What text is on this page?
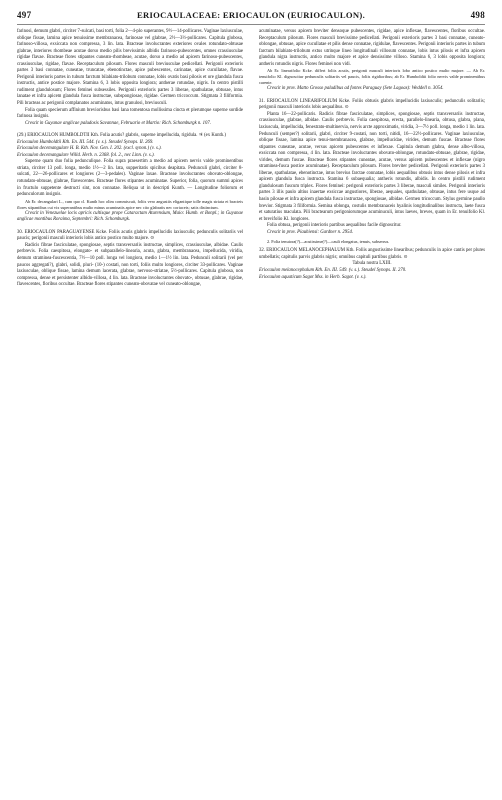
497	ERIOCAULACEAE: ERIOCAULON (EURIOCAULON).	498

farinosi, demum glabri, circiter 7-sulcati, basi torti, folia 2—4-plo superantes, 9½—14-pollicares. Vaginae laxiusculae, oblique fissae, lamina apice tenuissime membranacea, farinosae vel glabrae, 2½—3½-pollicares. Capitula globosa, farinoso-villosa, exsiccata non compressa, 3 lin. lata. Bracteae involucrantes exteriores ovales rotundato-obtusae glabrae, interiores rhombeae acutae dorso medio pilis brevissimis albidis farinoso-pubescentes, omnes crassiusculae rigidae flavae. Bracteae flores stipantes cuneato-rhombeae, acutae, dorso a medio ad apicem farinoso-pubescentes, crassiusculae, rigidae, flavae. Receptaculum pilosum. Flores masculi breviusculae pedicellati. Perigonii exterioris partes 3 basi connatae, cuneatae, truncatae, ebenotinctae, apice pubescentes, carinatae, apice cucullatae, flavae. Perigonii interioris partes in tubum farctum bilabiato-trilobum connatae, lobis ovatis basi pilosis et ore glandula fusca instructis, antice postice majore. Stamina 6, 3 lobis opposita longiora; antherae rotundae, nigris. In centro pistilli rudiment glandulosum; Flores feminei subsessiles. Perigonii exterioris partes 3 liberae, spathulatae, obtusae, intus lanatae et infra apicem glandula fusca instructae, subspongiosae, rigidae. Germen triccoccum. Stigmata 3 filiformia. Pili bracteas ac perigonii complanatos acuminatos, intus granulosi, breviusculi.

Folia quam specierum affinium breviorisbus basi lana tomentosa mollissima cincta et plerumque superne sordide farinosa insignis.

Crescit in Guyanae anglicae paludosis Savannae, Februario et Martio: Rich. Schomburgk n. 107.

(29.) ERIOCAULON HUMBOLDTII Kth. Folia acutis? glabris, superne impellucida, rigidula. ♃ (ex Kunth.)

Eriocaulon Humboldtii Kth. En. III. 544. (v. s.). Steudel Synops. II. 269.

Eriocaulon decemangulare H. B. Kth. Nov. Gen. I. 202. (excl. synon.) (v. s.).

Eriocaulon decemangulare Willd. Herb. n. 2368. fol. 2., nec Linn. (v. s.).

Superne quam duo folia pedunculique. Folia supra praesertim a medio ad apicem nervis valde prominentibus striata, circiter 13 poll. longa, medio 1½—2 lin. lata, supperitatis spicibus deapitata. Pedunculi glabri, circiter 8-sulcati, 22—26-pollicares et longiores (2—3-pedales). Vaginae laxae. Bracteae involucrantes obovato-oblongae, rotundato-obtusae, glabrae, flavescentes. Bracteae flores stipantes acuminatae. Superior, folia, quorum summi apices in fructulo suppetente destructi sint, non connatae. Reliqua ut in descripti Kunth. — Longitudine foliorum et pedunculorum insignis.

Ab Er. decangulari L., cum quo cl. Kunth hoc olim commiscuit, foliis vero angustiis eligantique tolle magis striata et bracteis flores stipantibus cui vix superantibus multo minus acuminatis apice nec cito glabratis nec coriaceis; satis distinctum.

Crescit in Venezuelae locis apricis cultisque prope Cataractam Aturensium, Maio: Humb. et Bonpl.; in Guyanae anglicae montibus Roraima, Septembri: Rich. Schomburgk.

30. ERIOCAULON PARAGUAYENSE Kcke. Foliis acutis glabris impellucidis laxiusculis; pedunculis solitariis vel paucis; perigonii masculi interioris lobis antico postico multo majore. ⊙

Radicis fibrae fasciculatae, spongiosae, septis transversariis instructae, simplices, crassiusculae, albidae. Caulis perbrevis. Folia caespitosa, elongato- et subparallelo-linearia, acuta, glabra, membranacea, impellucida, viridia, demum straminea-fuscescentia, 7½—10 poll. longa vel longiora, medio 1—1½ lin. lata. Pedunculi solitarii (vel per paucos aggregati?), glabri, solidi, pluri- (10-) costati, non torti, foliis multo longiores, circiter 33-pollicares. Vaginae laxiusculae, oblique fissae, lamina demum lacerata, glabrae, nervoso-striatae, 5½-pollicares. Capitula globosa, non compressa, dense et persistenter albido-villosa, 4 lin. lata. Bracteae involucrantes obovato-, obtusae, glabrae, rigidae, flavescentes, floribus occultae. Bracteae flores stipantes cuneato-obovatae vel cuneato-oblongae,

acuminatae, versus apicem breviter densoque pubescentes, rigidae, apice inflexae, flavescentes, floribus occultae. Receptaculum pilosum. Flores masculi brevissime pedicellati. Perigonii exterioris partes 3 basi connatae, cuneato-oblongae, obtusae, apice cucullatae et pilis dense connatae, rigidulae, flavescentes. Perigonii interioris partes in tubum farctum bilabiato-trilobum extus utrinque lineo longitudinali villosum connatae, lobis intus pilosis et infra apicem glandula nigra instructis, antico multo majore et apice densissime villoso. Stamina 6, 3 lobis opposita longiora; antheris rotundis nigris. Flores feminei non vidi.

Ab Er. linearifolio Kcke. differt foliis acutis, perigonii masculi interioris lobo antico postico multo majore. — Ab Er. tenuifolio Kl. dignoscitur pedunculis solitariis vel paucis, foliis rigidioribus; ab Er. Humboldtii folio nervis valde prominentibus carente.

Crescit in prov. Matto Grosso paludibus ad fontes Paraguay (Sete Lagoas): Weddell n. 3054.

31. ERIOCAULON LINEARIFOLIUM Kcke. Foliis obtusis glabris impellucidis laxiusculis; pedunculis solitariis; perigonii masculi interioris lobis aequalibus. ⊙

Planta 16—22-pollicaris. Radicis fibrae fasciculatae, simplices, spongiosae, septis transversariis instructae, crassiusculae, glabrae, albidae. Caulis perbrevis. Folia caespitosa, erecta, parallelo-linearia, obtusa, glabra, plana, laxiuscula, impellucida, fenestrato-multinervia, nervis arcte approximatis, viridia, 3—7½ poll. longa, medio 1 lin. lata. Pedunculi (semper?) solitarii, glabri, circiter 9-costati, non torti, nitidi, 16—22½-pollicares. Vaginae laxiusculae, oblique fissae, lamina apice tenui-membranacea, glabrae, impellucidae, virides, demum fuscae. Bracteae flores stipantes cuneatae, acutae, versus apicem pubescentes et inflexae. Capitula demum glabra, dense albo-villosa, exsiccata non compressa, 4 lin. lata. Bracteae involucrantes obovato-oblongae, rotundato-obtusae, glabrae, rigidae, virides, demum fuscae. Bracteae flores stipantes cuneatae, acutae, versus apicem pubescentes et inflexae (nigro straminea-fusca postice acuminatae). Receptaculum pilosum. Flores breviter pedicellati. Perigonii exterioris partes 3 liberae, spathulatae, ebenotinctae, intus brevius farctae connatae, lobis aequalibus obtusis intus dense pilosis et infra apicem glandula fusca instructa. Stamina 6 subaequalia; antheris rotundis, albidis. In centro pistilli rudiment glandulosum fuscum triplex. Flores feminei: perigonii exterioris partes 3 liberae, masculi similes. Perigonii interioris partes 3 illis paulo altius inaertae exsiccae angustiores, liberae, aequales, spathulatae, obtusae, intus fere usque ad basin pilosae et infra apicem glandula fusca instructae, spongiosae, albidae. Germen tricoccum. Stylus germine paullo brevior. Stigmata 3 filiformia. Semina oblonga, costulis membranaceis hyalinis longitudinalibus instructa, laete fusca et saturatius maculata. Pili bractearum perigoniorumque acuminuculi, intus laeves, breves, quam in Er. tenuifolio Kl. et brevifolio Kl. longiores.

Folia obtusa, perigonii interioris partibus aequalibus facile dignoscitur.

Crescit in prov. Piauhiensi: Gardner n. 2954.

2. Folia tenuiora(?)—acutissime(?)—cauli elongatus, tenuis, subserrus.

32. ERIOCAULON MELANOCEPHALUM Kth. Foliis angustissime linearibus; pedunculis in apice cantis per plures umbellatis; capitulis parvis glabris nigris; omnibus capituli partibus glabris. ⊙

Tabula nostra LXIII.

Eriocaulon melanocephalum Kth. En. III. 549. (v. s.). Steudel Synops. II. 270.

Eriocaulon aquaticum Sagot Mss. in Herb. Sagot. (v. s.).
